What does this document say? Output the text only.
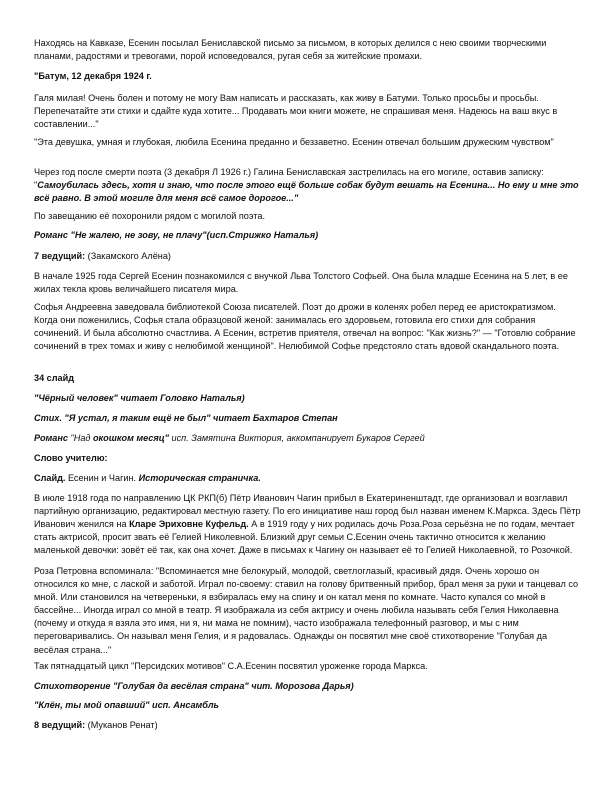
Находясь на Кавказе, Есенин посылал Бениславской письмо за письмом, в которых делился с нею своими творческими планами, радостями и тревогами, порой исповедовался, ругая себя за житейские промахи.

"Батум, 12 декабря 1924 г.

Галя милая! Очень болен и потому не могу Вам написать и рассказать, как живу в Батуми. Только просьбы и просьбы. Перепечатайте эти стихи и сдайте куда хотите... Продавать мои книги можете, не спрашивая меня. Надеюсь на ваш вкус в составлении..."

"Эта девушка, умная и глубокая, любила Есенина преданно и беззаветно. Есенин отвечал большим дружеским чувством"

Через год после смерти поэта (3 декабря Л 1926 г.) Галина Бениславская застрелилась на его могиле, оставив записку: "Самоубилась здесь, хотя и знаю, что после этого ещё больше собак будут вешать на Есенина... Но ему и мне это всё равно. В этой могиле для меня всё самое дорогое..."

По завещанию её похоронили рядом с могилой поэта.

Романс "Не жалею, не зову, не плачу"(исп.Стрижко Наталья)

7 ведущий: (Закамского Алёна)

В начале 1925 года Сергей Есенин познакомился с внучкой Льва Толстого Софьей. Она была младше Есенина на 5 лет, в ее жилах текла кровь величайшего писателя мира.

Софья Андреевна заведовала библиотекой Союза писателей. Поэт до дрожи в коленях робел перед ее аристократизмом. Когда они поженились, Софья стала образцовой женой: занималась его здоровьем, готовила его стихи для собрания сочинений. И была абсолютно счастлива. А Есенин, встретив приятеля, отвечал на вопрос: "Как жизнь?" — "Готовлю собрание сочинений в трех томах и живу с нелюбимой женщиной". Нелюбимой Софье предстояло стать вдовой скандального поэта.

34 слайд

"Чёрный человек" читает Головко Наталья)

Стих. "Я устал, я таким ещё не был" читает Бахтаров Степан

Романс "Над окошком месяц" исп. Замятина Виктория, аккомпанирует Букаров Сергей

Слово учителю:

Слайд. Есенин и Чагин. Историческая страничка.

В июле 1918 года по направлению ЦК РКП(б) Пётр Иванович Чагин прибыл в Екатериненштадт, где организовал и возглавил партийную организацию, редактировал местную газету. По его инициативе наш город был назван именем К.Маркса. Здесь Пётр Иванович женился на Кларе Эриховне Куфельд. А в 1919 году у них родилась дочь Роза.Роза серьёзна не по годам, мечтает стать актрисой, просит звать её Гелией Николевной. Близкий друг семьи С.Есенин очень тактично относится к желанию маленькой девочки: зовёт её так, как она хочет. Даже в письмах к Чагину он называет её то Гелией Николаевной, то Розочкой.

Роза Петровна вспоминала: "Вспоминается мне белокурый, молодой, светлоглазый, красивый дядя. Очень хорошо он относился ко мне, с лаской и заботой. Играл по-своему: ставил на голову бритвенный прибор, брал меня за руки и танцевал со мной. Или становился на четвереньки, я взбиралась ему на спину и он катал меня по комнате. Часто купался со мной в бассейне... Иногда играл со мной в театр. Я изображала из себя актрису и очень любила называть себя Гелия Николаевна (почему и откуда я взяла это имя, ни я, ни мама не помним), часто изображала телефонный разговор, и мы с ним переговаривались. Он называл меня Гелия, и я радовалась. Однажды он посвятил мне своё стихотворение "Голубая да весёлая страна..."

Так пятнадцатый цикл "Персидских мотивов" С.А.Есенин посвятил уроженке города Маркса.

Стихотворение "Голубая да весёлая страна" чит. Морозова Дарья)

"Клён, ты мой опавший" исп. Ансамбль

8 ведущий: (Муканов Ренат)
